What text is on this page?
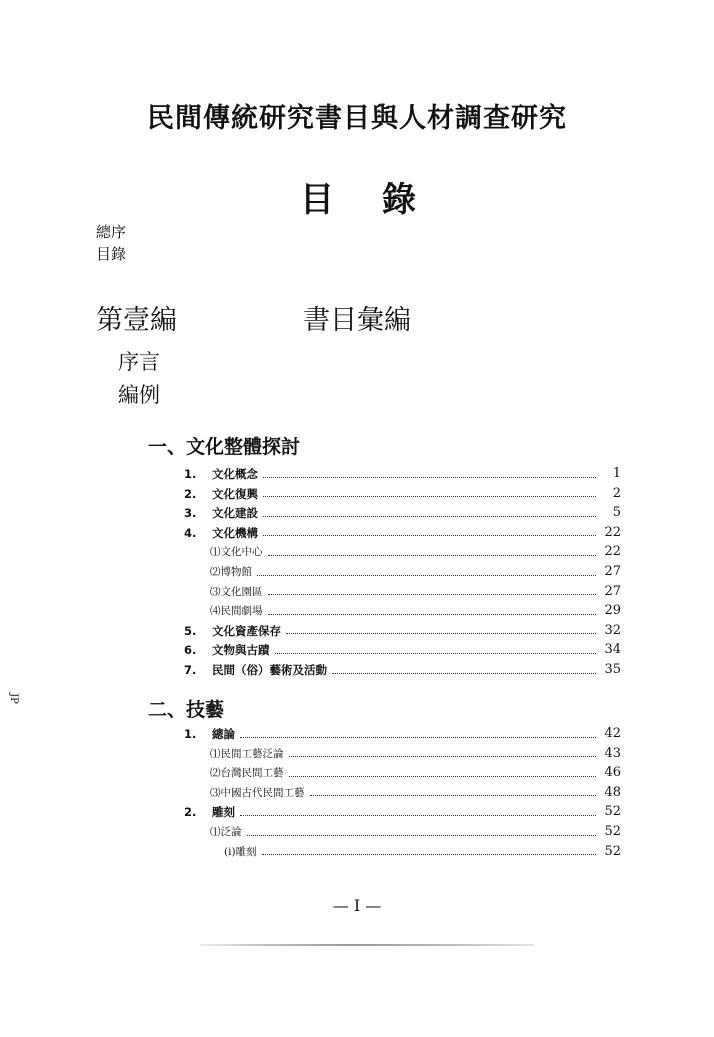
民間傳統研究書目與人材調查研究
目 錄
總序
目錄
第壹編	書目彙編
序言
編例
一、文化整體探討
1.	文化概念	1
2.	文化復興	2
3.	文化建設	5
4.	文化機構	22
⑴文化中心	22
⑵博物館	27
⑶文化園區	27
⑷民間劇場	29
5.	文化資產保存	32
6.	文物與古蹟	34
7.	民間（俗）藝術及活動	35
二、技藝
1.	總論	42
⑴民間工藝泛論	43
⑵台灣民間工藝	46
⑶中國古代民間工藝	48
2.	雕刻	52
⑴泛論	52
(i)雕刻	52
— I —
JP
